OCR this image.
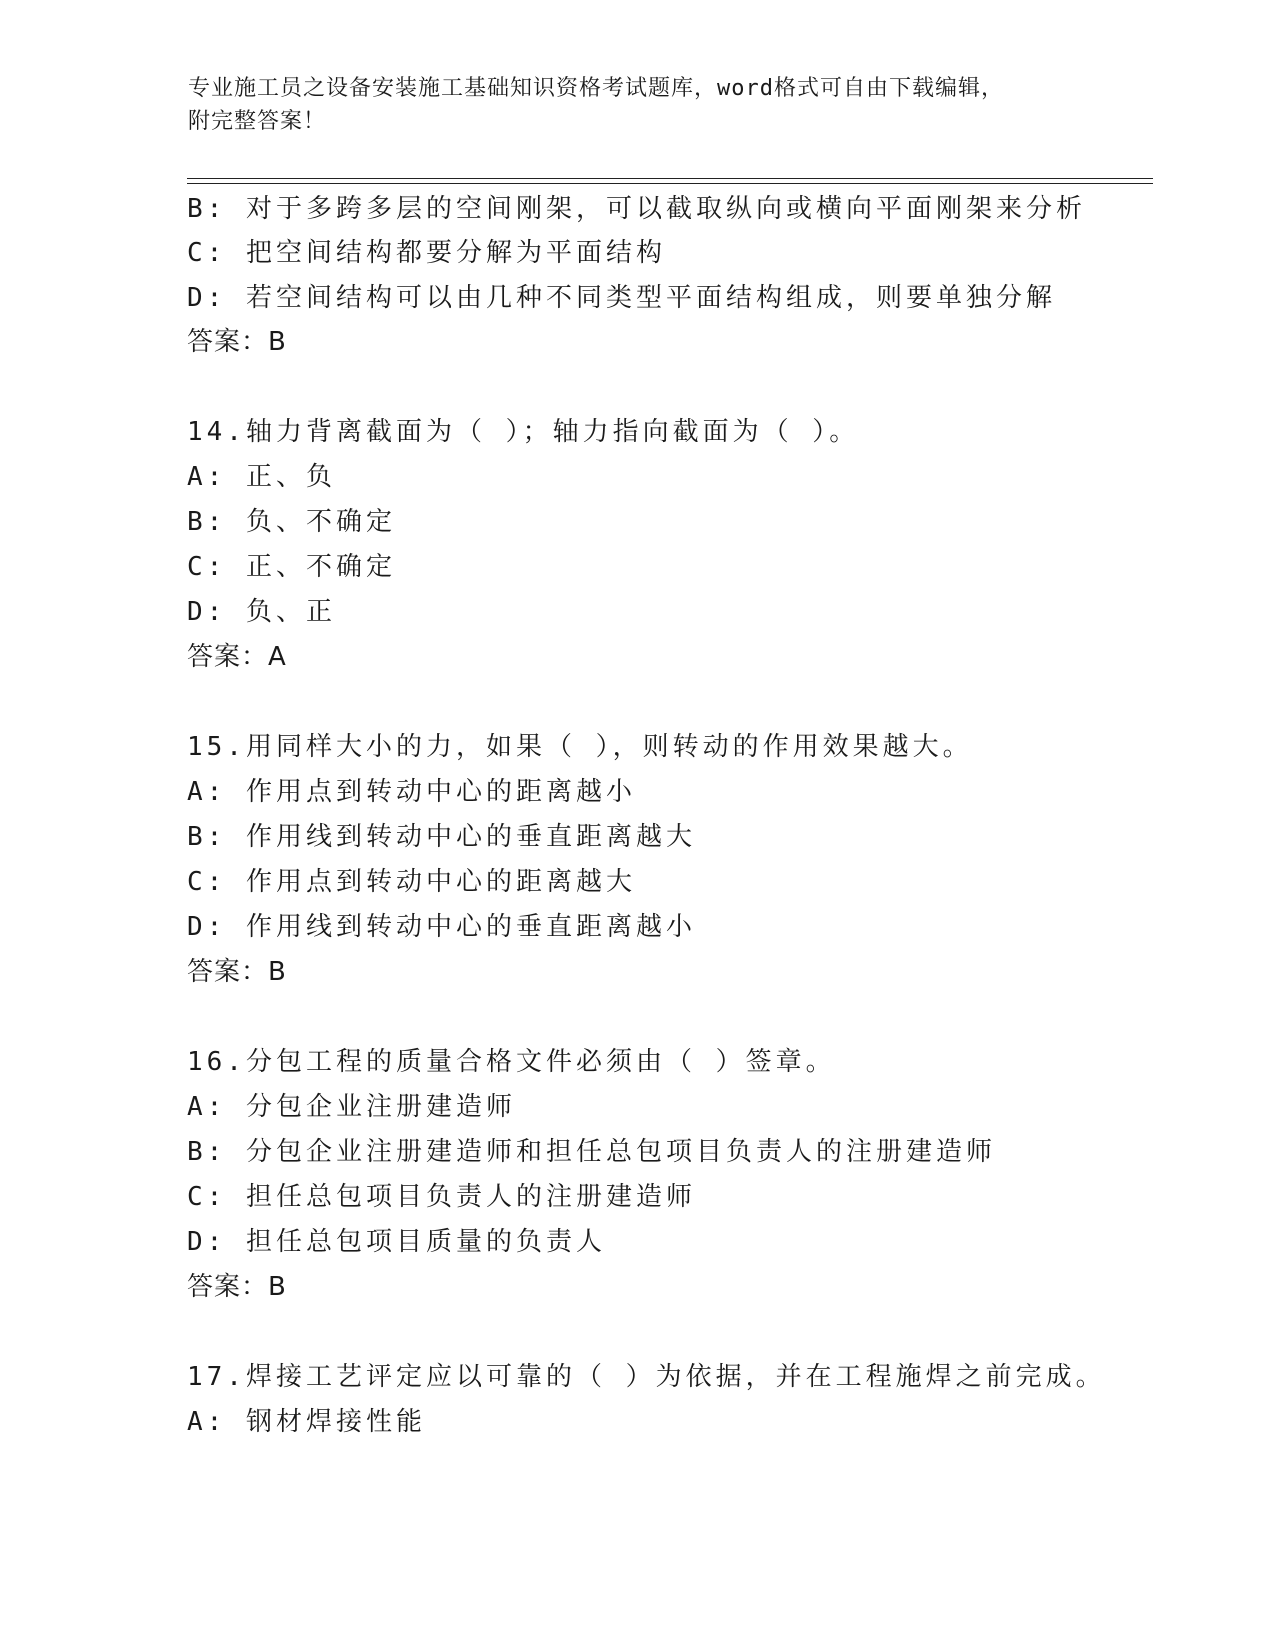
专业施工员之设备安装施工基础知识资格考试题库，word格式可自由下载编辑，
附完整答案！
B: 对于多跨多层的空间刚架，可以截取纵向或横向平面刚架来分析
C: 把空间结构都要分解为平面结构
D: 若空间结构可以由几种不同类型平面结构组成，则要单独分解
答案：B
14.轴力背离截面为（ ）；轴力指向截面为（ ）。
A: 正、负
B: 负、不确定
C: 正、不确定
D: 负、正
答案：A
15.用同样大小的力，如果（ ），则转动的作用效果越大。
A: 作用点到转动中心的距离越小
B: 作用线到转动中心的垂直距离越大
C: 作用点到转动中心的距离越大
D: 作用线到转动中心的垂直距离越小
答案：B
16.分包工程的质量合格文件必须由（ ）签章。
A: 分包企业注册建造师
B: 分包企业注册建造师和担任总包项目负责人的注册建造师
C: 担任总包项目负责人的注册建造师
D: 担任总包项目质量的负责人
答案：B
17.焊接工艺评定应以可靠的（ ）为依据，并在工程施焊之前完成。
A: 钢材焊接性能
